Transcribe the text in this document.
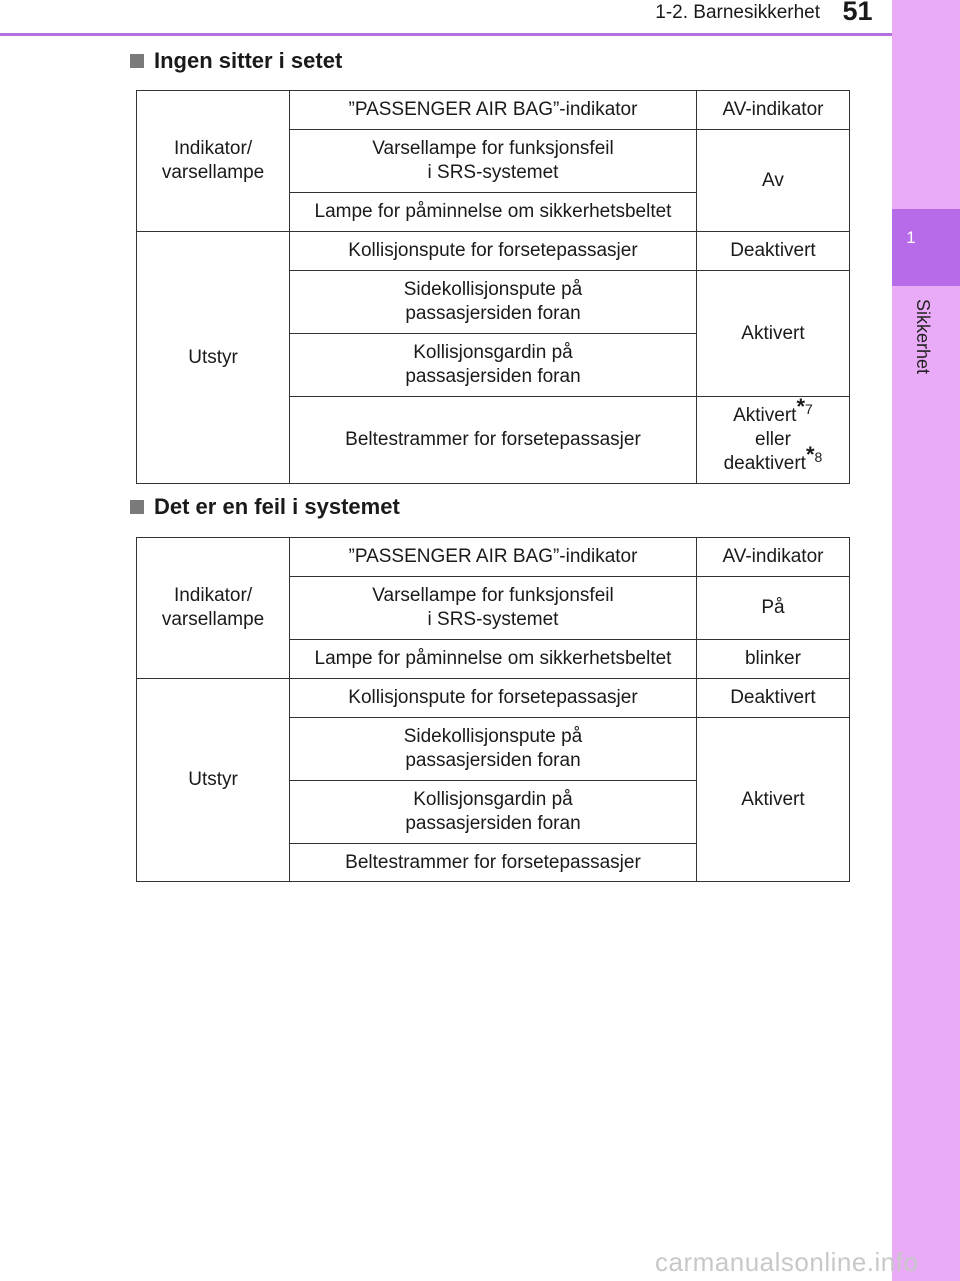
1-2. Barnesikkerhet 51
1
Sikkerhet
Ingen sitter i setet
Indikator/
varsellampe	”PASSENGER AIR BAG”-indikator	AV-indikator

	Varsellampe for funksjonsfeil
i SRS-systemet	Av
	Lampe for påminnelse om sikkerhetsbeltet	
Utstyr	Kollisjonspute for forsetepassasjer	Deaktivert

	Sidekollisjonspute på
passasjersiden foran	Aktivert

	Kollisjonsgardin på
passasjersiden foran	

	Beltestrammer for forsetepassasjer	Aktivert$^{*7}$
eller
deaktivert$^{*8}$
Det er en feil i systemet
Indikator/
varsellampe	”PASSENGER AIR BAG”-indikator	AV-indikator

	Varsellampe for funksjonsfeil
i SRS-systemet	På
	Lampe for påminnelse om sikkerhetsbeltet	blinker
Utstyr	Kollisjonspute for forsetepassasjer	Deaktivert

	Sidekollisjonspute på
passasjersiden foran	Aktivert

	Kollisjonsgardin på
passasjersiden foran	

	Beltestrammer for forsetepassasjer	
carmanualsonline.info
